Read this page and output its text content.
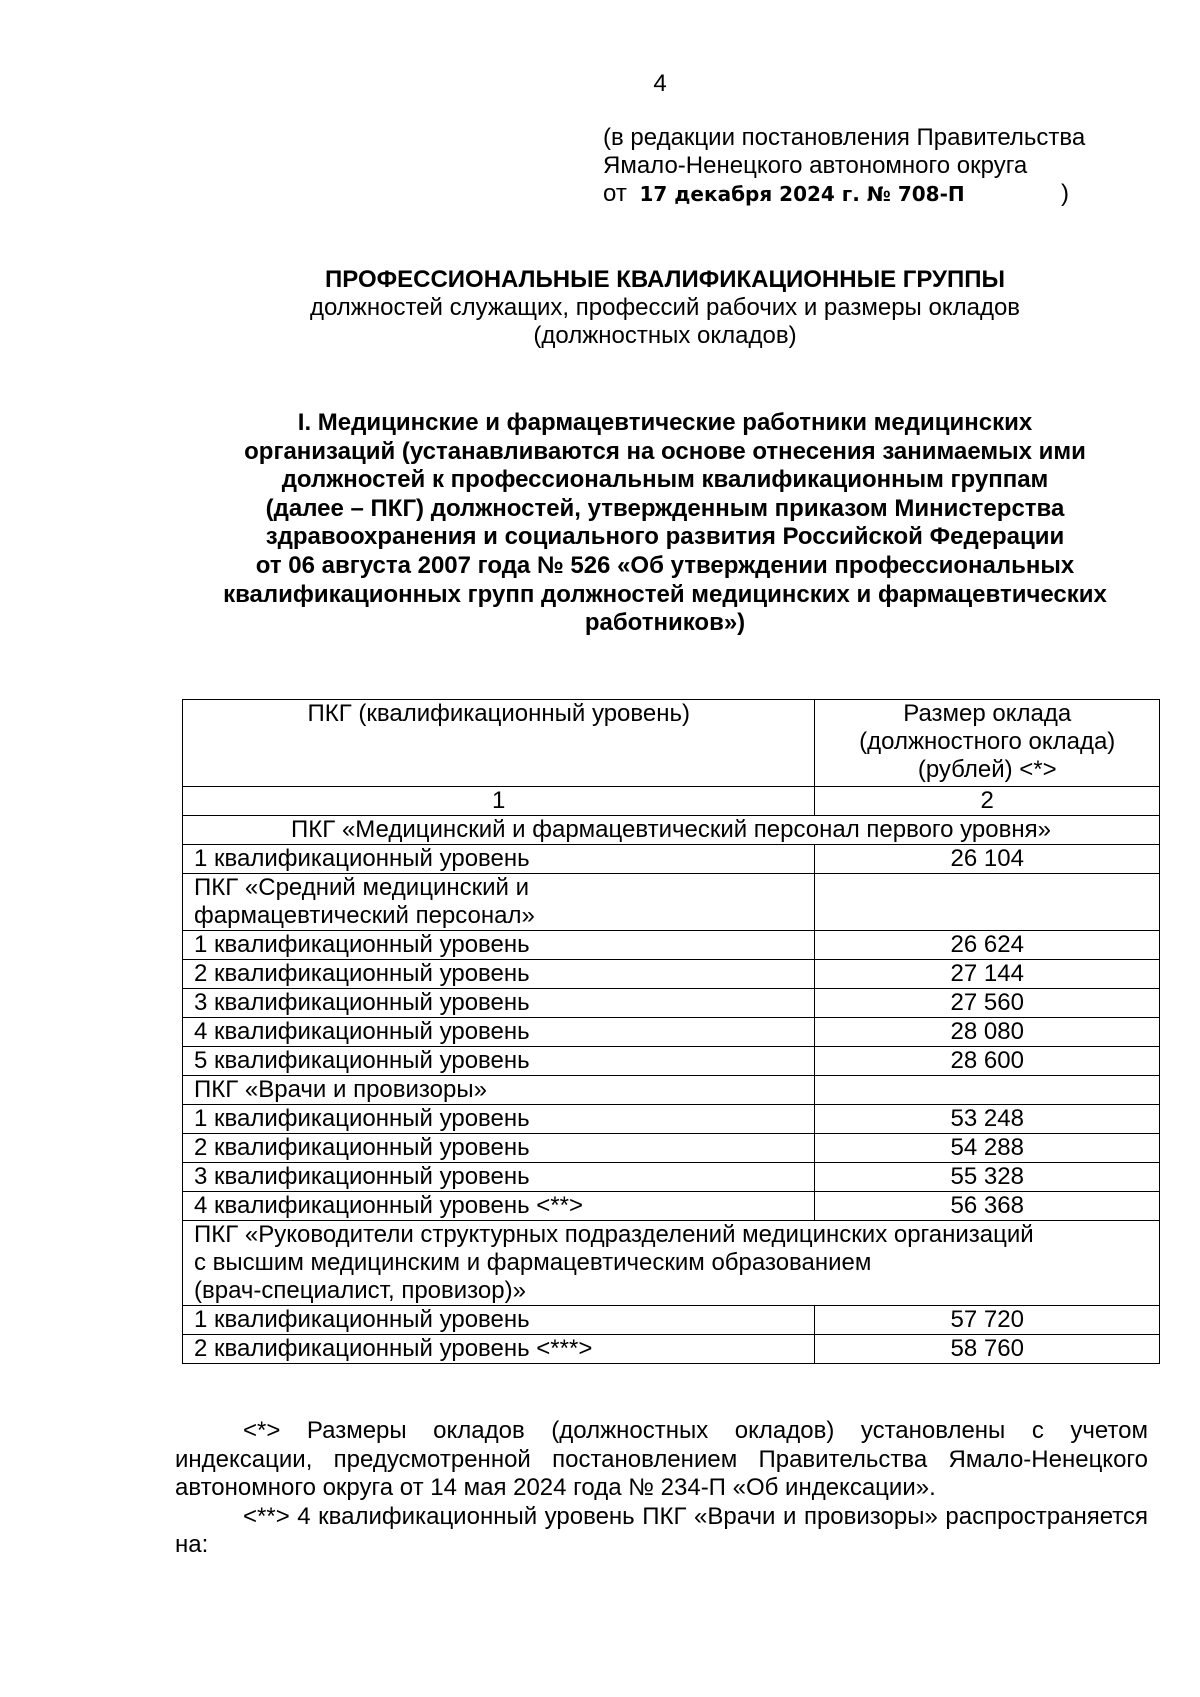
4
(в редакции постановления Правительства
Ямало-Ненецкого автономного округа
от 17 декабря 2024 г. № 708-П	)
ПРОФЕССИОНАЛЬНЫЕ КВАЛИФИКАЦИОННЫЕ ГРУППЫ
должностей служащих, профессий рабочих и размеры окладов
(должностных окладов)
I. Медицинские и фармацевтические работники медицинских
организаций (устанавливаются на основе отнесения занимаемых ими
должностей к профессиональным квалификационным группам
(далее – ПКГ) должностей, утвержденным приказом Министерства
здравоохранения и социального развития Российской Федерации
от 06 августа 2007 года № 526 «Об утверждении профессиональных
квалификационных групп должностей медицинских и фармацевтических
работников»)
ПКГ (квалификационный уровень)	Размер оклада
(должностного оклада)
(рублей) <*>

1	2
ПКГ «Медицинский и фармацевтический персонал первого уровня»	
1 квалификационный уровень	26 104

ПКГ «Средний медицинский и
фармацевтический персонал»	

1 квалификационный уровень	26 624
2 квалификационный уровень	27 144
3 квалификационный уровень	27 560
4 квалификационный уровень	28 080
5 квалификационный уровень	28 600
ПКГ «Врачи и провизоры»	
1 квалификационный уровень	53 248
2 квалификационный уровень	54 288
3 квалификационный уровень	55 328
4 квалификационный уровень <**>	56 368

ПКГ «Руководители структурных подразделений медицинских организаций
с высшим медицинским и фармацевтическим образованием
(врач-специалист, провизор)»	

1 квалификационный уровень	57 720
2 квалификационный уровень <***>	58 760

<*> Размеры окладов (должностных окладов) установлены с учетом индексации, предусмотренной постановлением Правительства Ямало-Ненецкого автономного округа от 14 мая 2024 года № 234-П «Об индексации».

<**> 4 квалификационный уровень ПКГ «Врачи и провизоры» распространяется на:
